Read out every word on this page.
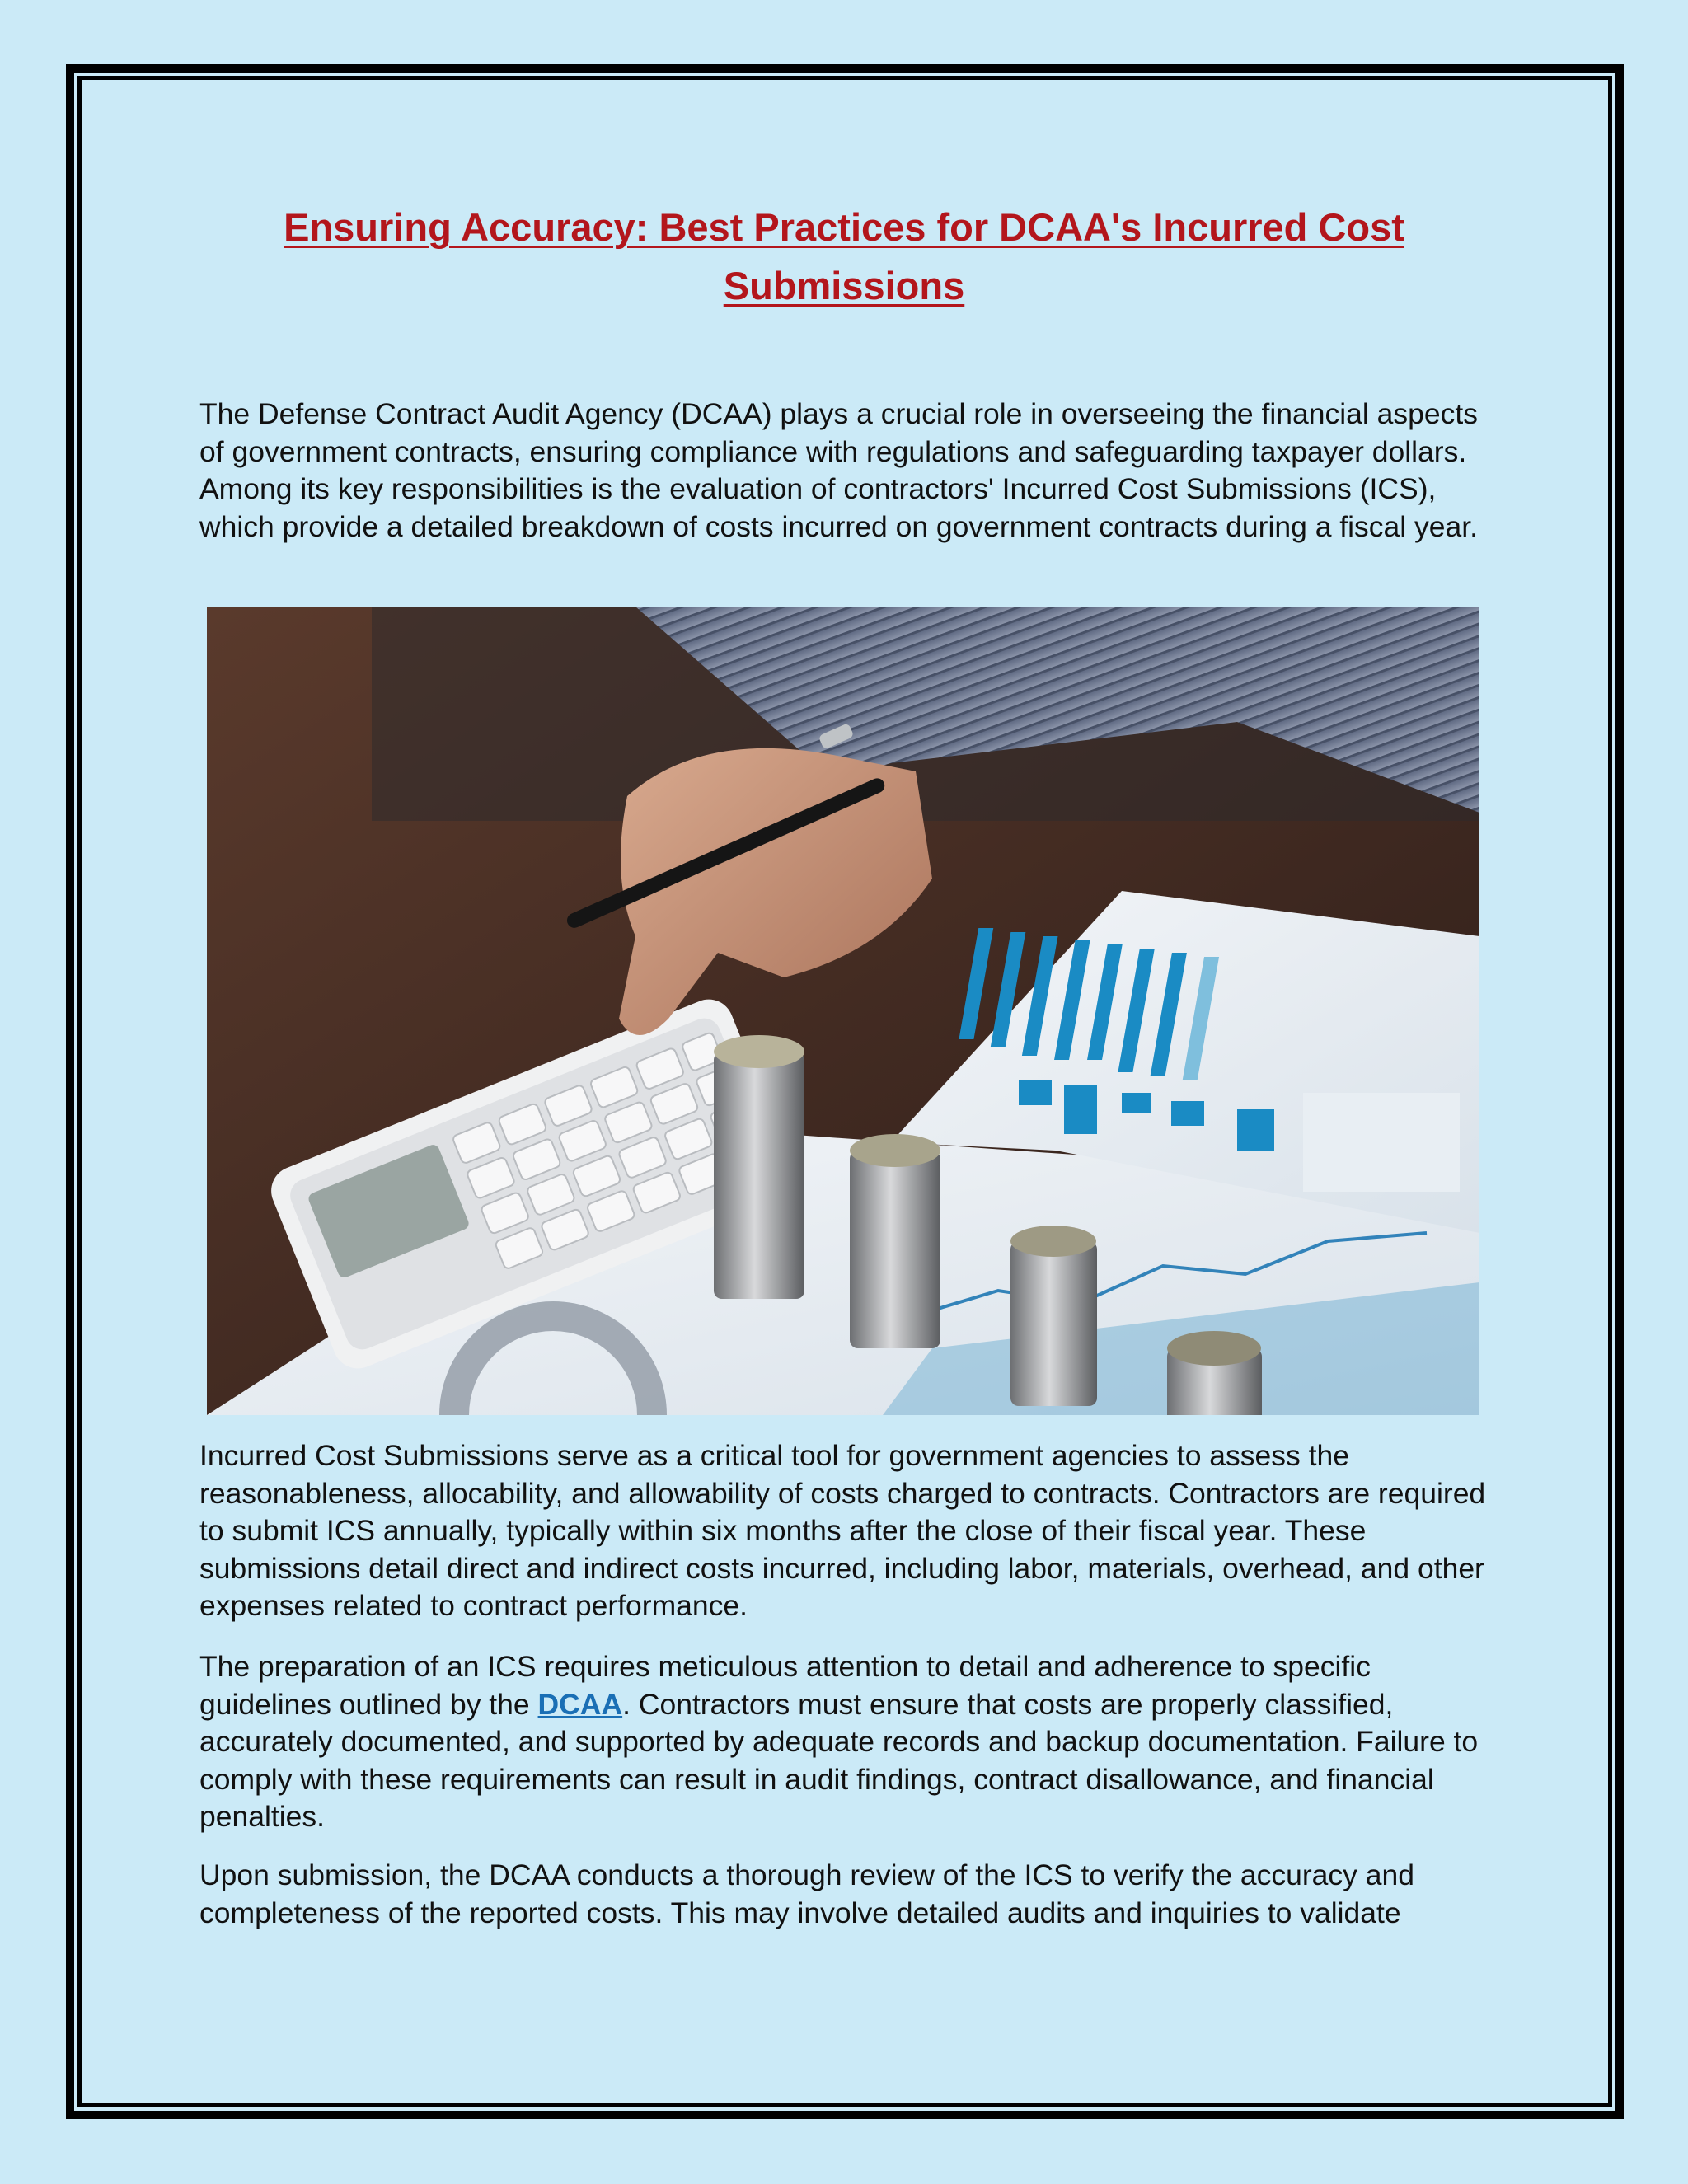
Ensuring Accuracy: Best Practices for DCAA's Incurred Cost Submissions

The Defense Contract Audit Agency (DCAA) plays a crucial role in overseeing the financial aspects of government contracts, ensuring compliance with regulations and safeguarding taxpayer dollars. Among its key responsibilities is the evaluation of contractors' Incurred Cost Submissions (ICS), which provide a detailed breakdown of costs incurred on government contracts during a fiscal year.

Incurred Cost Submissions serve as a critical tool for government agencies to assess the reasonableness, allocability, and allowability of costs charged to contracts. Contractors are required to submit ICS annually, typically within six months after the close of their fiscal year. These submissions detail direct and indirect costs incurred, including labor, materials, overhead, and other expenses related to contract performance.

The preparation of an ICS requires meticulous attention to detail and adherence to specific guidelines outlined by the DCAA. Contractors must ensure that costs are properly classified, accurately documented, and supported by adequate records and backup documentation. Failure to comply with these requirements can result in audit findings, contract disallowance, and financial penalties.

Upon submission, the DCAA conducts a thorough review of the ICS to verify the accuracy and completeness of the reported costs. This may involve detailed audits and inquiries to validate
